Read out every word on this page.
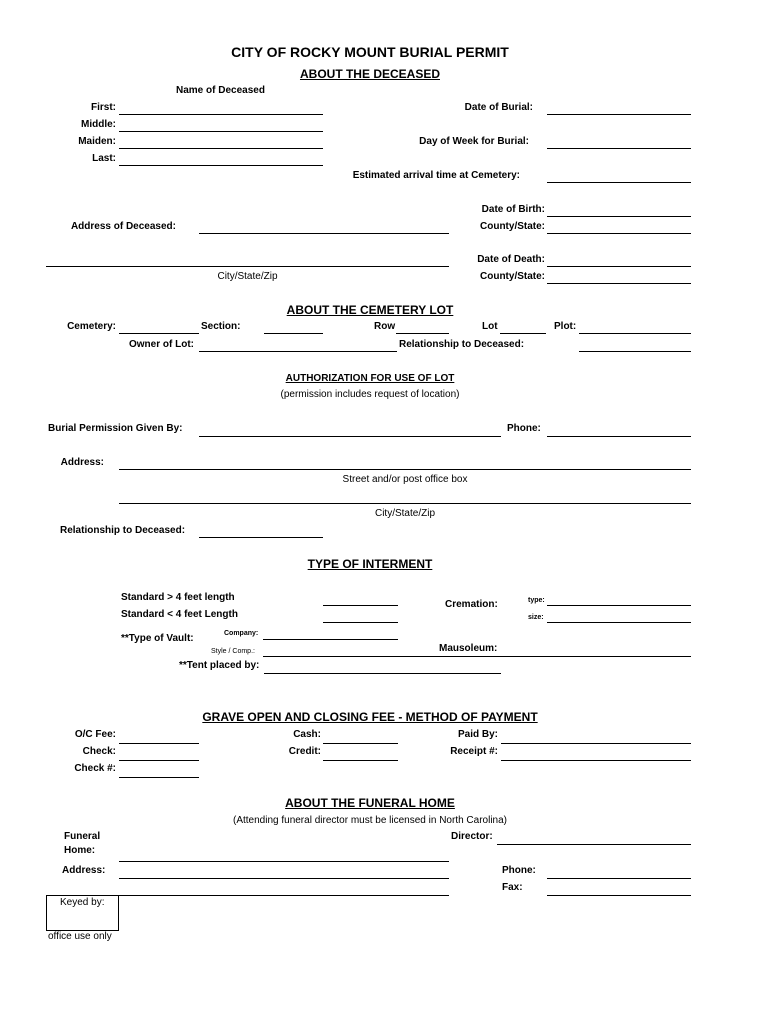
CITY OF ROCKY MOUNT BURIAL PERMIT
ABOUT THE DECEASED
Name of Deceased
First:
Middle:
Maiden:
Last:
Date of Burial:
Day of Week for Burial:
Estimated arrival time at Cemetery:
Date of Birth:
County/State:
Address of Deceased:
City/State/Zip
Date of Death:
County/State:
ABOUT THE CEMETERY LOT
Cemetery:	Section:	Row	Lot	Plot:
Owner of Lot:	Relationship to Deceased:
AUTHORIZATION FOR USE OF LOT
(permission includes request of location)
Burial Permission Given By:	Phone:
Address:
Street and/or post office box
City/State/Zip
Relationship to Deceased:
TYPE OF INTERMENT
Standard > 4 feet length
Standard < 4 feet Length
**Type of Vault:	Company:
Style / Comp.:
**Tent placed by:
Cremation:	type:
size:
Mausoleum:
GRAVE OPEN AND CLOSING FEE - METHOD OF PAYMENT
O/C Fee:
Check:
Check #:
Cash:
Credit:
Paid By:
Receipt #:
ABOUT THE FUNERAL HOME
(Attending funeral director must be licensed in North Carolina)
Funeral
Home:
Director:
Address:	Phone:
Fax:
Keyed by:
office use only
